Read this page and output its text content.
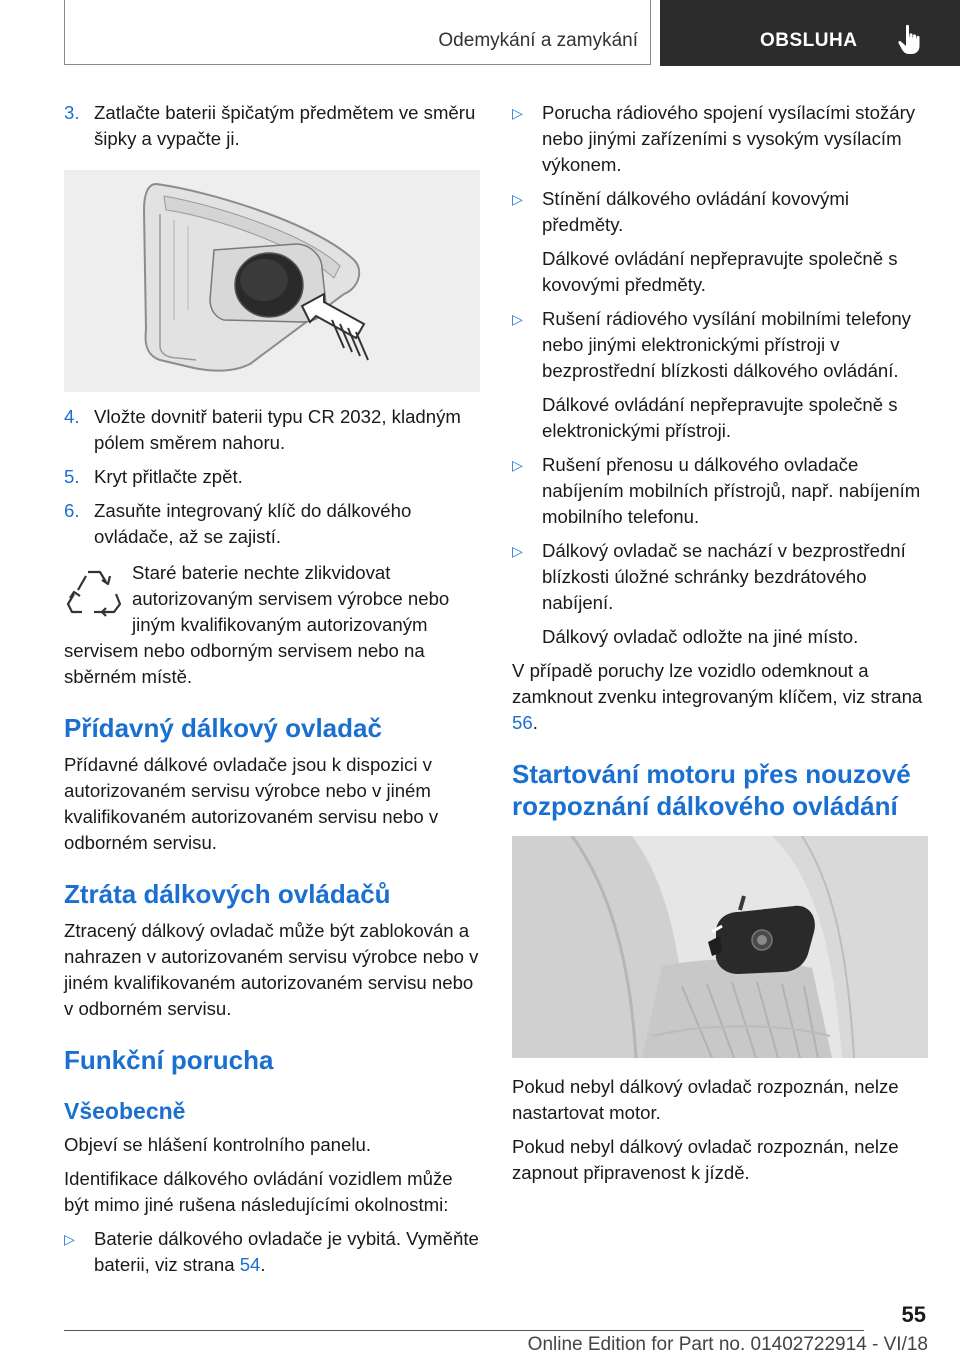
Odemykání a zamykání	OBSLUHA
3. Zatlačte baterii špičatým předmětem ve směru šipky a vypačte ji.
4. Vložte dovnitř baterii typu CR 2032, kladným pólem směrem nahoru.
5. Kryt přitlačte zpět.
6. Zasuňte integrovaný klíč do dálkového ovládače, až se zajistí.
Staré baterie nechte zlikvidovat autorizovaným servisem výrobce nebo jiným kvalifikovaným autorizovaným servisem nebo odborným servisem nebo na sběrném místě.
Přídavný dálkový ovladač

Přídavné dálkové ovladače jsou k dispozici v autorizovaném servisu výrobce nebo v jiném kvalifikovaném autorizovaném servisu nebo v odborném servisu.

Ztráta dálkových ovládačů

Ztracený dálkový ovladač může být zablokován a nahrazen v autorizovaném servisu výrobce nebo v jiném kvalifikovaném autorizovaném servisu nebo v odborném servisu.

Funkční porucha
Všeobecně

Objeví se hlášení kontrolního panelu.

Identifikace dálkového ovládání vozidlem může být mimo jiné rušena následujícími okolnostmi:

▷ Baterie dálkového ovladače je vybitá. Vyměňte baterii, viz strana 54.
▷ Porucha rádiového spojení vysílacími stožáry nebo jinými zařízeními s vysokým vysílacím výkonem.
▷ Stínění dálkového ovládání kovovými předměty.
Dálkové ovládání nepřepravujte společně s kovovými předměty.
▷ Rušení rádiového vysílání mobilními telefony nebo jinými elektronickými přístroji v bezprostřední blízkosti dálkového ovládání.
Dálkové ovládání nepřepravujte společně s elektronickými přístroji.
▷ Rušení přenosu u dálkového ovladače nabíjením mobilních přístrojů, např. nabíjením mobilního telefonu.
▷ Dálkový ovladač se nachází v bezprostřední blízkosti úložné schránky bezdrátového nabíjení.
Dálkový ovladač odložte na jiné místo.

V případě poruchy lze vozidlo odemknout a zamknout zvenku integrovaným klíčem, viz strana 56.

Startování motoru přes nouzové rozpoznání dálkového ovládání

Pokud nebyl dálkový ovladač rozpoznán, nelze nastartovat motor.

Pokud nebyl dálkový ovladač rozpoznán, nelze zapnout připravenost k jízdě.

55
Online Edition for Part no. 01402722914 - VI/18
